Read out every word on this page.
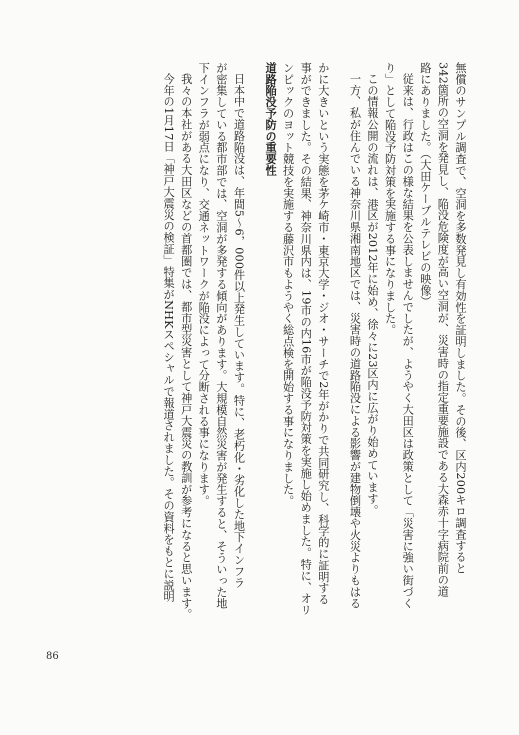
無償のサンプル調査で、空洞を多数発見し有効性を証明しました。その後、区内200キロ調査すると
342箇所の空洞を発見し、陥没危険度が高い空洞が、災害時の指定重要施設である大森赤十字病院前の道
路にありました。（大田ケーブルテレビの映像）
従来は、行政はこの様な結果を公表しませんでしたが、ようやく大田区は政策として「災害に強い街づく
り」として陥没予防対策を実施する事になりました。
この情報公開の流れは、港区が2012年に始め、徐々に23区内に広がり始めています。
一方、私が住んでいる神奈川県湘南地区では、災害時の道路陥没による影響が建物倒壊や火災よりもはる
かに大きいという実態を茅ケ崎市・東京大学・ジオ・サーチで2年がかりで共同研究し、科学的に証明する
事ができました。その結果、神奈川県内は、19市の内16市が陥没予防対策を実施し始めました。特に、オリ
ンピックのヨット競技を実施する藤沢市もようやく総点検を開始する事になりました。
道路陥没予防の重要性
日本中で道路陥没は、年間5～6，000件以上発生しています。特に、老朽化・劣化した地下インフラ
が密集している都市部では、空洞が多発する傾向があります。大規模自然災害が発生すると、そういった地
下インフラが弱点になり、交通ネットワークが陥没によって分断される事になります。
我々の本社がある大田区などの首都圏では、都市型災害として神戸大震災の教訓が参考になると思います。
今年の1月17日「神戸大震災の検証」特集がNHKスペシャルで報道されました。その資料をもとに説明
86
